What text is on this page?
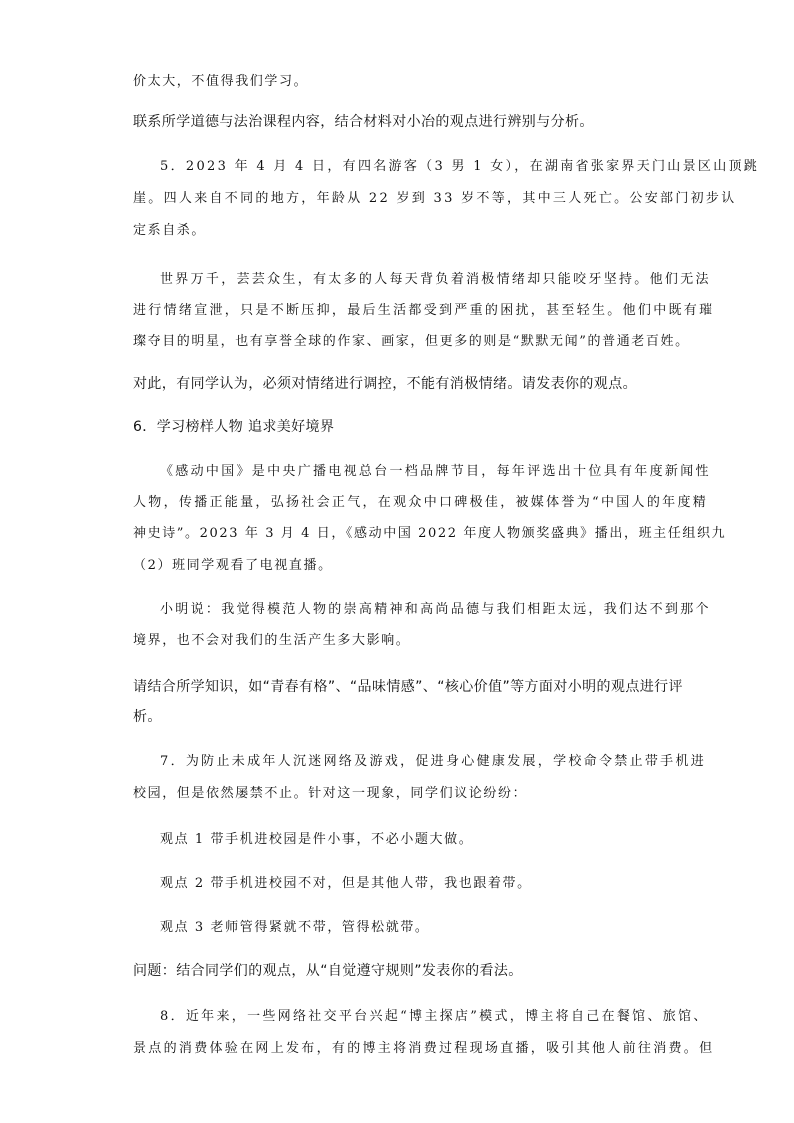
价太大，不值得我们学习。
联系所学道德与法治课程内容，结合材料对小冶的观点进行辨别与分析。
5．2023 年 4 月 4 日，有四名游客（3 男 1 女），在湖南省张家界天门山景区山顶跳
崖。四人来自不同的地方，年龄从 22 岁到 33 岁不等，其中三人死亡。公安部门初步认
定系自杀。
世界万千，芸芸众生，有太多的人每天背负着消极情绪却只能咬牙坚持。他们无法
进行情绪宣泄，只是不断压抑，最后生活都受到严重的困扰，甚至轻生。他们中既有璀
璨夺目的明星，也有享誉全球的作家、画家，但更多的则是“默默无闻”的普通老百姓。
对此，有同学认为，必须对情绪进行调控，不能有消极情绪。请发表你的观点。
6．学习榜样人物 追求美好境界
《感动中国》是中央广播电视总台一档品牌节目，每年评选出十位具有年度新闻性
人物，传播正能量，弘扬社会正气，在观众中口碑极佳，被媒体誉为“中国人的年度精
神史诗”。2023 年 3 月 4 日，《感动中国 2022 年度人物颁奖盛典》播出，班主任组织九
（2）班同学观看了电视直播。
小明说：我觉得模范人物的崇高精神和高尚品德与我们相距太远，我们达不到那个
境界，也不会对我们的生活产生多大影响。
请结合所学知识，如“青春有格”、“品味情感”、“核心价值”等方面对小明的观点进行评
析。
7．为防止未成年人沉迷网络及游戏，促进身心健康发展，学校命令禁止带手机进
校园，但是依然屡禁不止。针对这一现象，同学们议论纷纷：
观点 1 带手机进校园是件小事，不必小题大做。
观点 2 带手机进校园不对，但是其他人带，我也跟着带。
观点 3 老师管得紧就不带，管得松就带。
问题：结合同学们的观点，从“自觉遵守规则”发表你的看法。
8．近年来，一些网络社交平台兴起“博主探店”模式，博主将自己在餐馆、旅馆、
景点的消费体验在网上发布，有的博主将消费过程现场直播，吸引其他人前往消费。但
